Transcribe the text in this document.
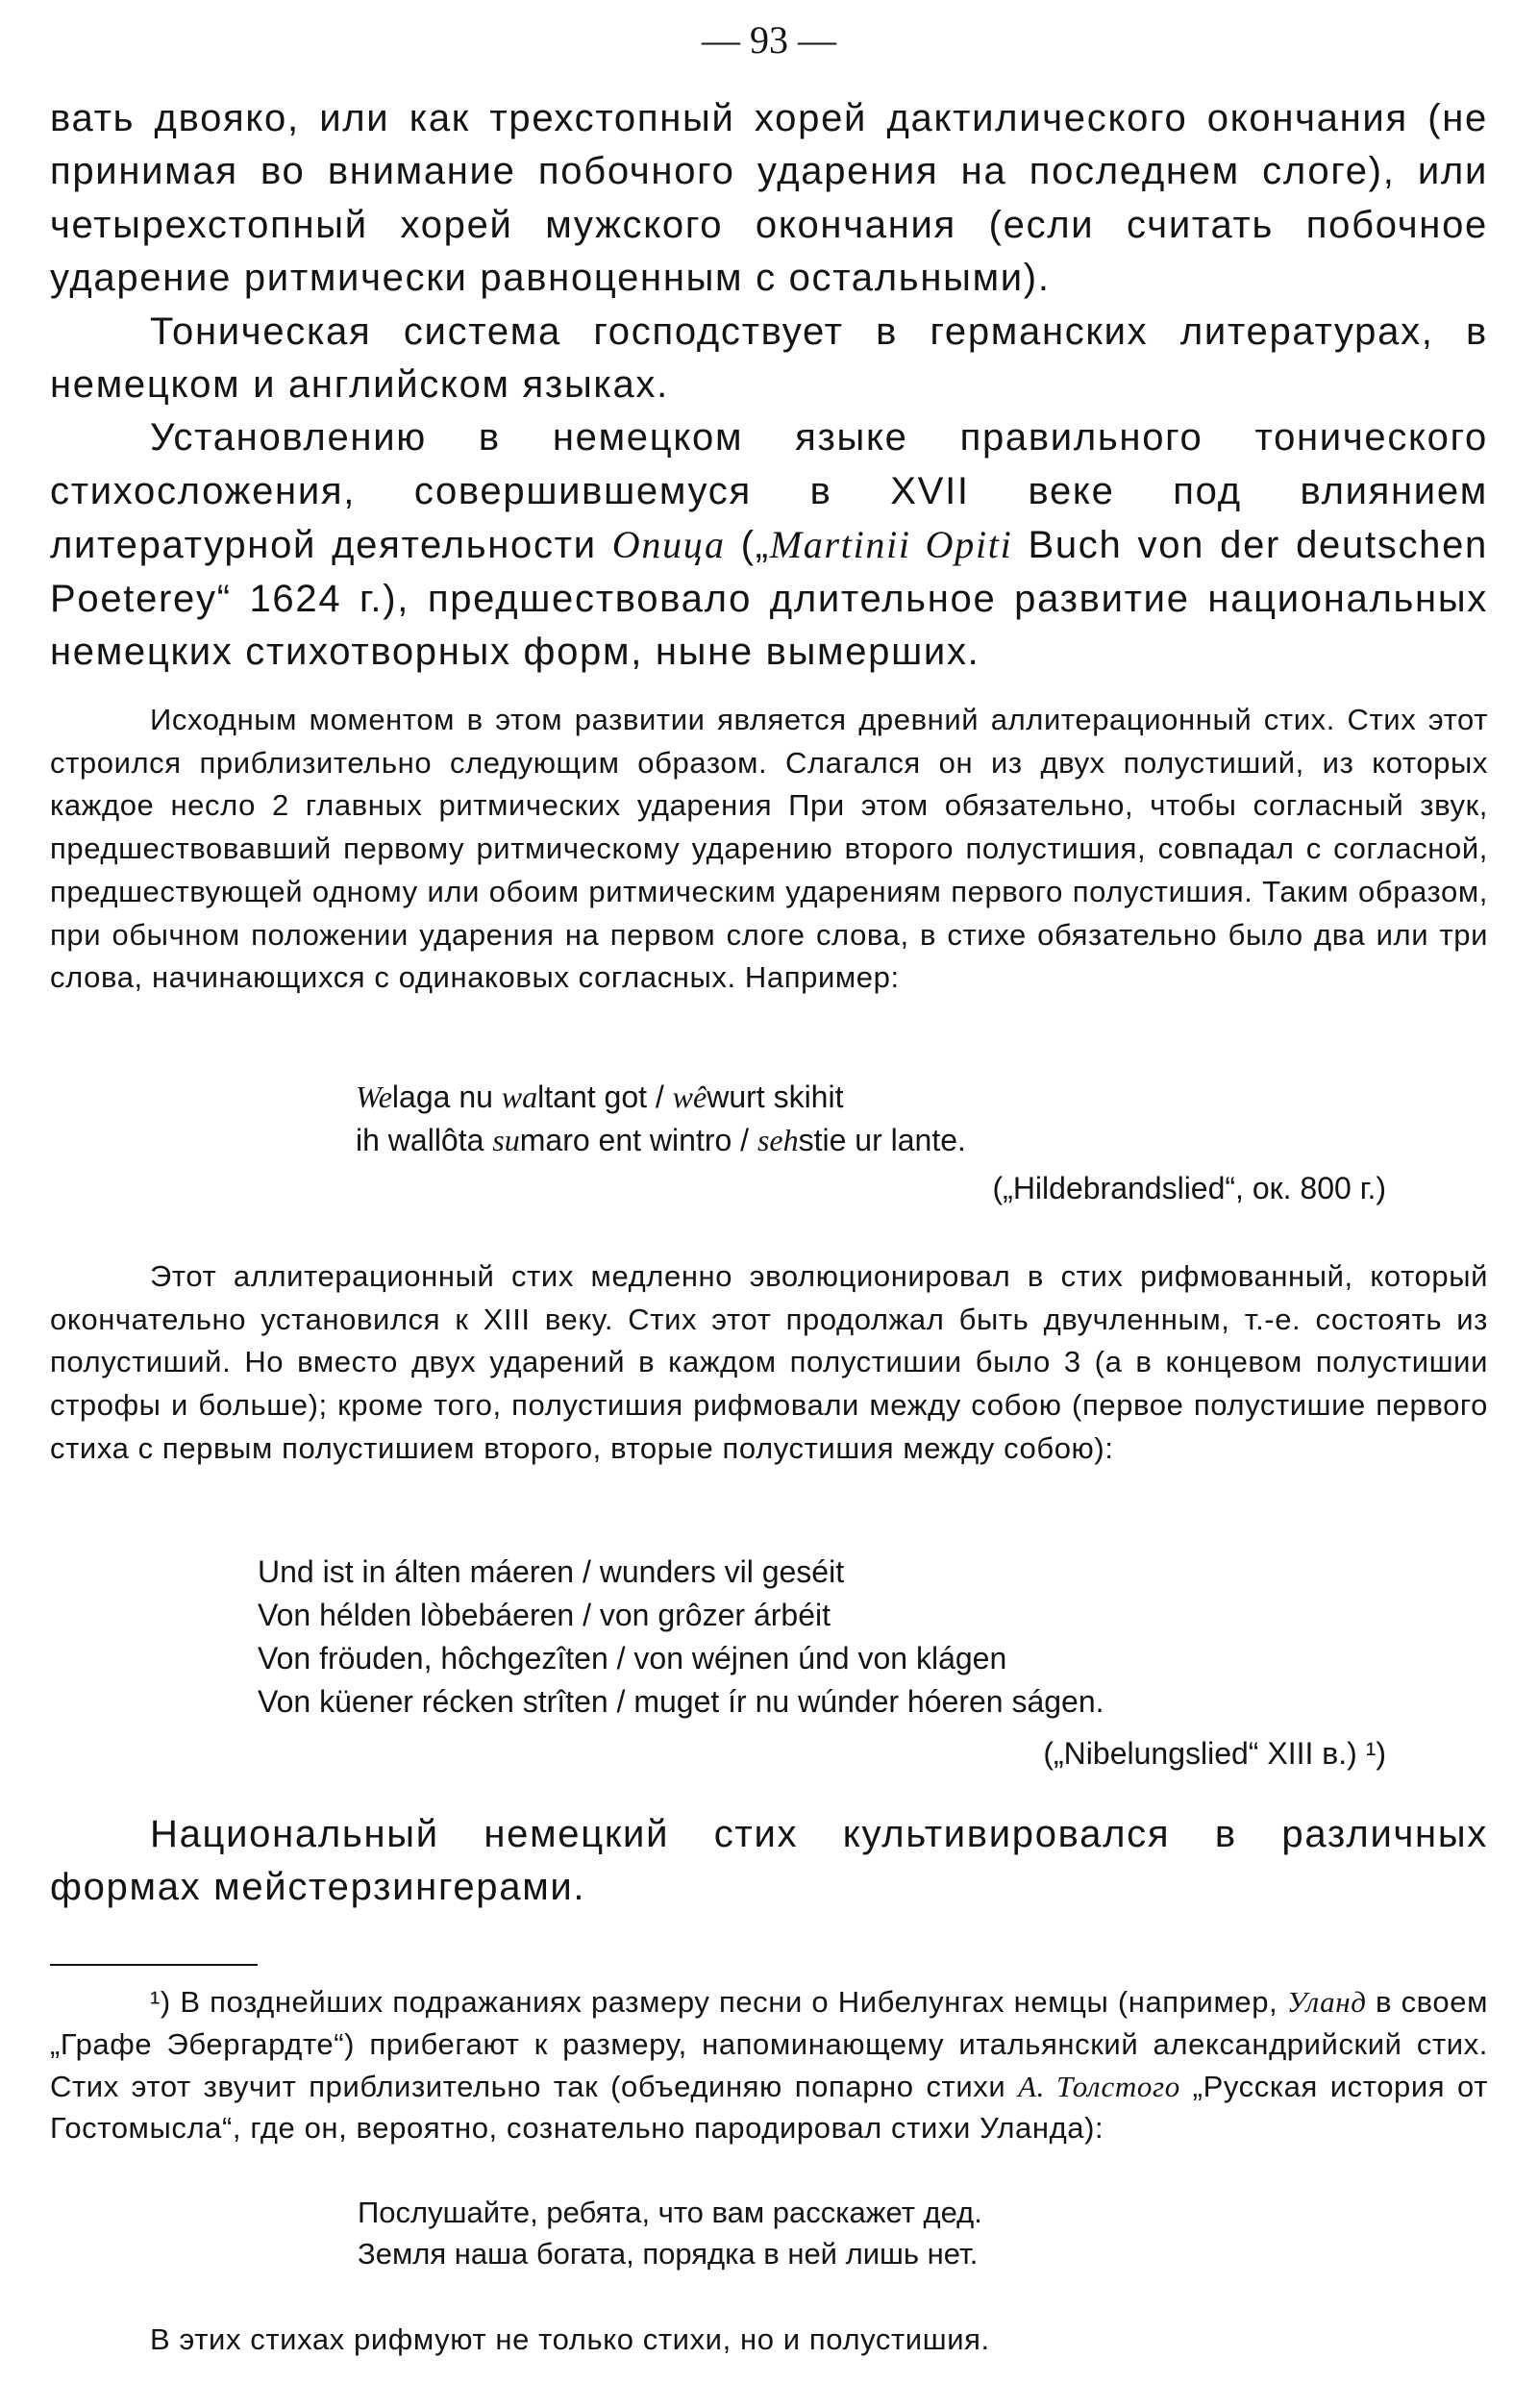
— 93 —

вать двояко, или как трехстопный хорей дактилического окончания (не принимая во внимание побочного ударения на последнем слоге), или четырехстопный хорей мужского окончания (если считать побочное ударение ритмически равноценным с остальными).

Тоническая система господствует в германских литературах, в немецком и английском языках.

Установлению в немецком языке правильного тонического стихосложения, совершившемуся в XVII веке под влиянием литературной деятельности Опица („Martinii Opiti Buch von der deutschen Poeterey“ 1624 г.), предшествовало длительное развитие национальных немецких стихотворных форм, ныне вымерших.

Исходным моментом в этом развитии является древний аллитерационный стих. Стих этот строился приблизительно следующим образом. Слагался он из двух полустиший, из которых каждое несло 2 главных ритмических ударения При этом обязательно, чтобы согласный звук, предшествовавший первому ритмическому ударению второго полустишия, совпадал с согласной, предшествующей одному или обоим ритмическим ударениям первого полустишия. Таким образом, при обычном положении ударения на первом слоге слова, в стихе обязательно было два или три слова, начинающихся с одинаковых согласных. Например:

Welaga nu waltant got / wêwurt skihit
ih wallôta sumaro ent wintro / sehstie ur lante.
(„Hildebrandslied“, ок. 800 г.)

Этот аллитерационный стих медленно эволюционировал в стих рифмованный, который окончательно установился к XIII веку. Стих этот продолжал быть двучленным, т.-е. состоять из полустиший. Но вместо двух ударений в каждом полустишии было 3 (а в концевом полустишии строфы и больше); кроме того, полустишия рифмовали между собою (первое полустишие первого стиха с первым полустишием второго, вторые полустишия между собою):

Und ist in álten máeren / wunders vil geséit
Von hélden lòbebáeren / von grôzer árbéit
Von fröuden, hôchgezîten / von wéjnen únd von klágen
Von küener récken strîten / muget ír nu wúnder hóeren ságen.
(„Nibelungslied“ XIII в.) ¹)

Национальный немецкий стих культивировался в различных формах мейстерзингерами.

¹) В позднейших подражаниях размеру песни о Нибелунгах немцы (например, Уланд в своем „Графе Эбергардте“) прибегают к размеру, напоминающему итальянский александрийский стих. Стих этот звучит приблизительно так (объединяю попарно стихи А. Толстого „Русская история от Гостомысла“, где он, вероятно, сознательно пародировал стихи Уланда):

Послушайте, ребята, что вам расскажет дед.
Земля наша богата, порядка в ней лишь нет.

В этих стихах рифмуют не только стихи, но и полустишия.
